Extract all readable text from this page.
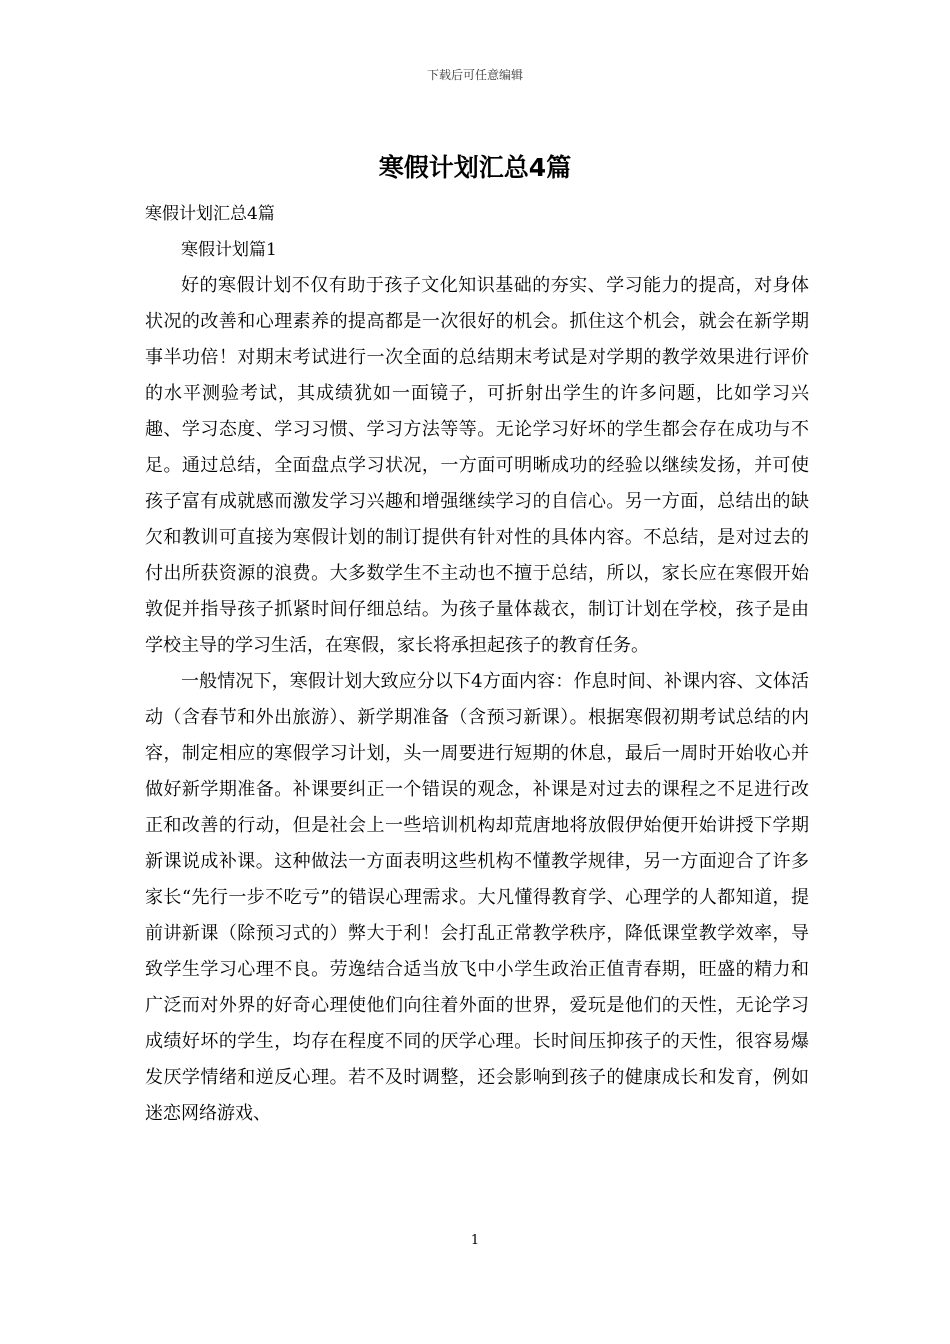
下载后可任意编辑
寒假计划汇总4篇

寒假计划汇总4篇

寒假计划篇1

好的寒假计划不仅有助于孩子文化知识基础的夯实、学习能力的提高，对身体状况的改善和心理素养的提高都是一次很好的机会。抓住这个机会，就会在新学期事半功倍！对期末考试进行一次全面的总结期末考试是对学期的教学效果进行评价的水平测验考试，其成绩犹如一面镜子，可折射出学生的许多问题，比如学习兴趣、学习态度、学习习惯、学习方法等等。无论学习好坏的学生都会存在成功与不足。通过总结，全面盘点学习状况，一方面可明晰成功的经验以继续发扬，并可使孩子富有成就感而激发学习兴趣和增强继续学习的自信心。另一方面，总结出的缺欠和教训可直接为寒假计划的制订提供有针对性的具体内容。不总结，是对过去的付出所获资源的浪费。大多数学生不主动也不擅于总结，所以，家长应在寒假开始敦促并指导孩子抓紧时间仔细总结。为孩子量体裁衣，制订计划在学校，孩子是由学校主导的学习生活，在寒假，家长将承担起孩子的教育任务。

一般情况下，寒假计划大致应分以下4方面内容：作息时间、补课内容、文体活动（含春节和外出旅游）、新学期准备（含预习新课）。根据寒假初期考试总结的内容，制定相应的寒假学习计划，头一周要进行短期的休息，最后一周时开始收心并做好新学期准备。补课要纠正一个错误的观念，补课是对过去的课程之不足进行改正和改善的行动，但是社会上一些培训机构却荒唐地将放假伊始便开始讲授下学期新课说成补课。这种做法一方面表明这些机构不懂教学规律，另一方面迎合了许多家长“先行一步不吃亏”的错误心理需求。大凡懂得教育学、心理学的人都知道，提前讲新课（除预习式的）弊大于利！会打乱正常教学秩序，降低课堂教学效率，导致学生学习心理不良。劳逸结合适当放飞中小学生政治正值青春期，旺盛的精力和广泛而对外界的好奇心理使他们向往着外面的世界，爱玩是他们的天性，无论学习成绩好坏的学生，均存在程度不同的厌学心理。长时间压抑孩子的天性，很容易爆发厌学情绪和逆反心理。若不及时调整，还会影响到孩子的健康成长和发育，例如迷恋网络游戏、

1
